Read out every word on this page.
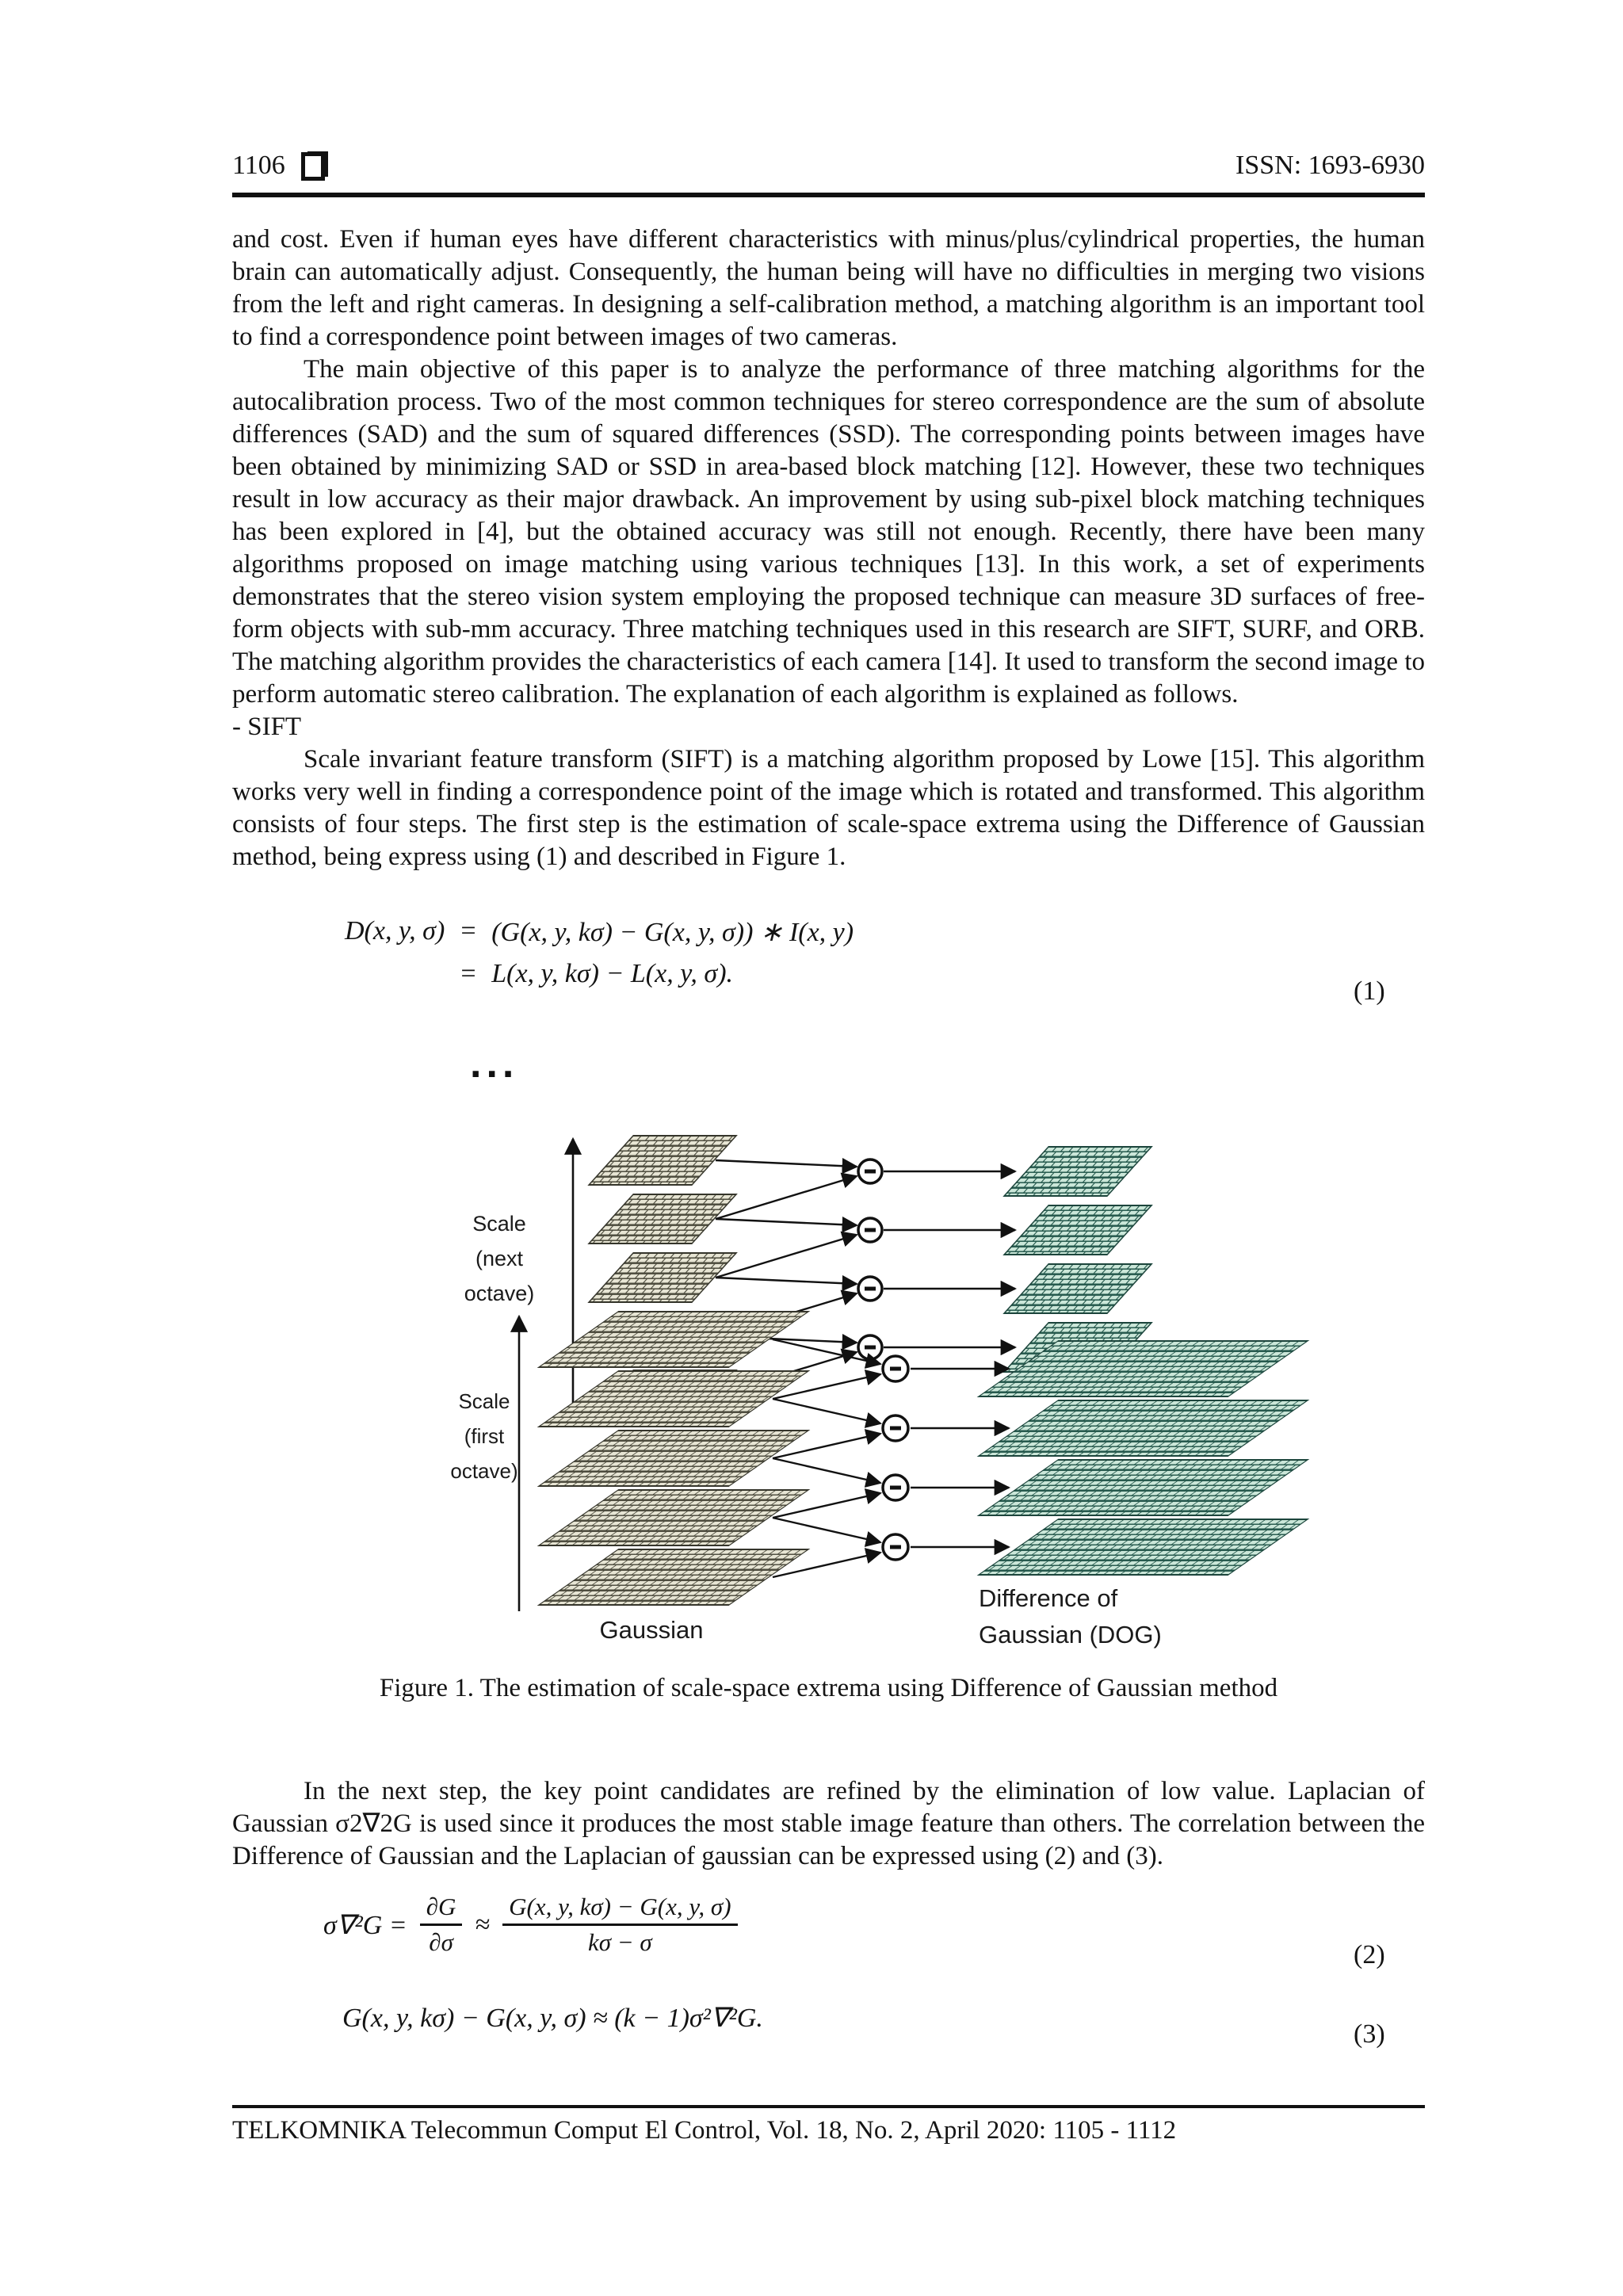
1106	ISSN: 1693-6930

and cost. Even if human eyes have different characteristics with minus/plus/cylindrical properties, the human brain can automatically adjust. Consequently, the human being will have no difficulties in merging two visions from the left and right cameras. In designing a self-calibration method, a matching algorithm is an important tool to find a correspondence point between images of two cameras.

The main objective of this paper is to analyze the performance of three matching algorithms for the autocalibration process. Two of the most common techniques for stereo correspondence are the sum of absolute differences (SAD) and the sum of squared differences (SSD). The corresponding points between images have been obtained by minimizing SAD or SSD in area-based block matching [12]. However, these two techniques result in low accuracy as their major drawback. An improvement by using sub-pixel block matching techniques has been explored in [4], but the obtained accuracy was still not enough. Recently, there have been many algorithms proposed on image matching using various techniques [13]. In this work, a set of experiments demonstrates that the stereo vision system employing the proposed technique can measure 3D surfaces of free-form objects with sub-mm accuracy. Three matching techniques used in this research are SIFT, SURF, and ORB. The matching algorithm provides the characteristics of each camera [14]. It used to transform the second image to perform automatic stereo calibration. The explanation of each algorithm is explained as follows.

- SIFT

Scale invariant feature transform (SIFT) is a matching algorithm proposed by Lowe [15]. This algorithm works very well in finding a correspondence point of the image which is rotated and transformed. This algorithm consists of four steps. The first step is the estimation of scale-space extrema using the Difference of Gaussian method, being express using (1) and described in Figure 1.

D(x, y, σ) = (G(x, y, kσ) − G(x, y, σ)) ∗ I(x, y)
= L(x, y, kσ) − L(x, y, σ).
(1)
...
Scale
(next
octave)
Scale
(first
octave)
Gaussian
Difference of
Gaussian (DOG)
Figure 1. The estimation of scale-space extrema using Difference of Gaussian method

In the next step, the key point candidates are refined by the elimination of low value. Laplacian of Gaussian σ2∇2G is used since it produces the most stable image feature than others. The correlation between the Difference of Gaussian and the Laplacian of gaussian can be expressed using (2) and (3).

$\sigma\nabla^2G = \frac{\partial G}{\partial\sigma} \approx \frac{G(x, y, k\sigma) - G(x, y, \sigma)}{k\sigma - \sigma}$	(2)
G(x, y, kσ) − G(x, y, σ) ≈ (k − 1)σ²∇²G.
(3)
TELKOMNIKA Telecommun Comput El Control, Vol. 18, No. 2, April 2020: 1105 - 1112
